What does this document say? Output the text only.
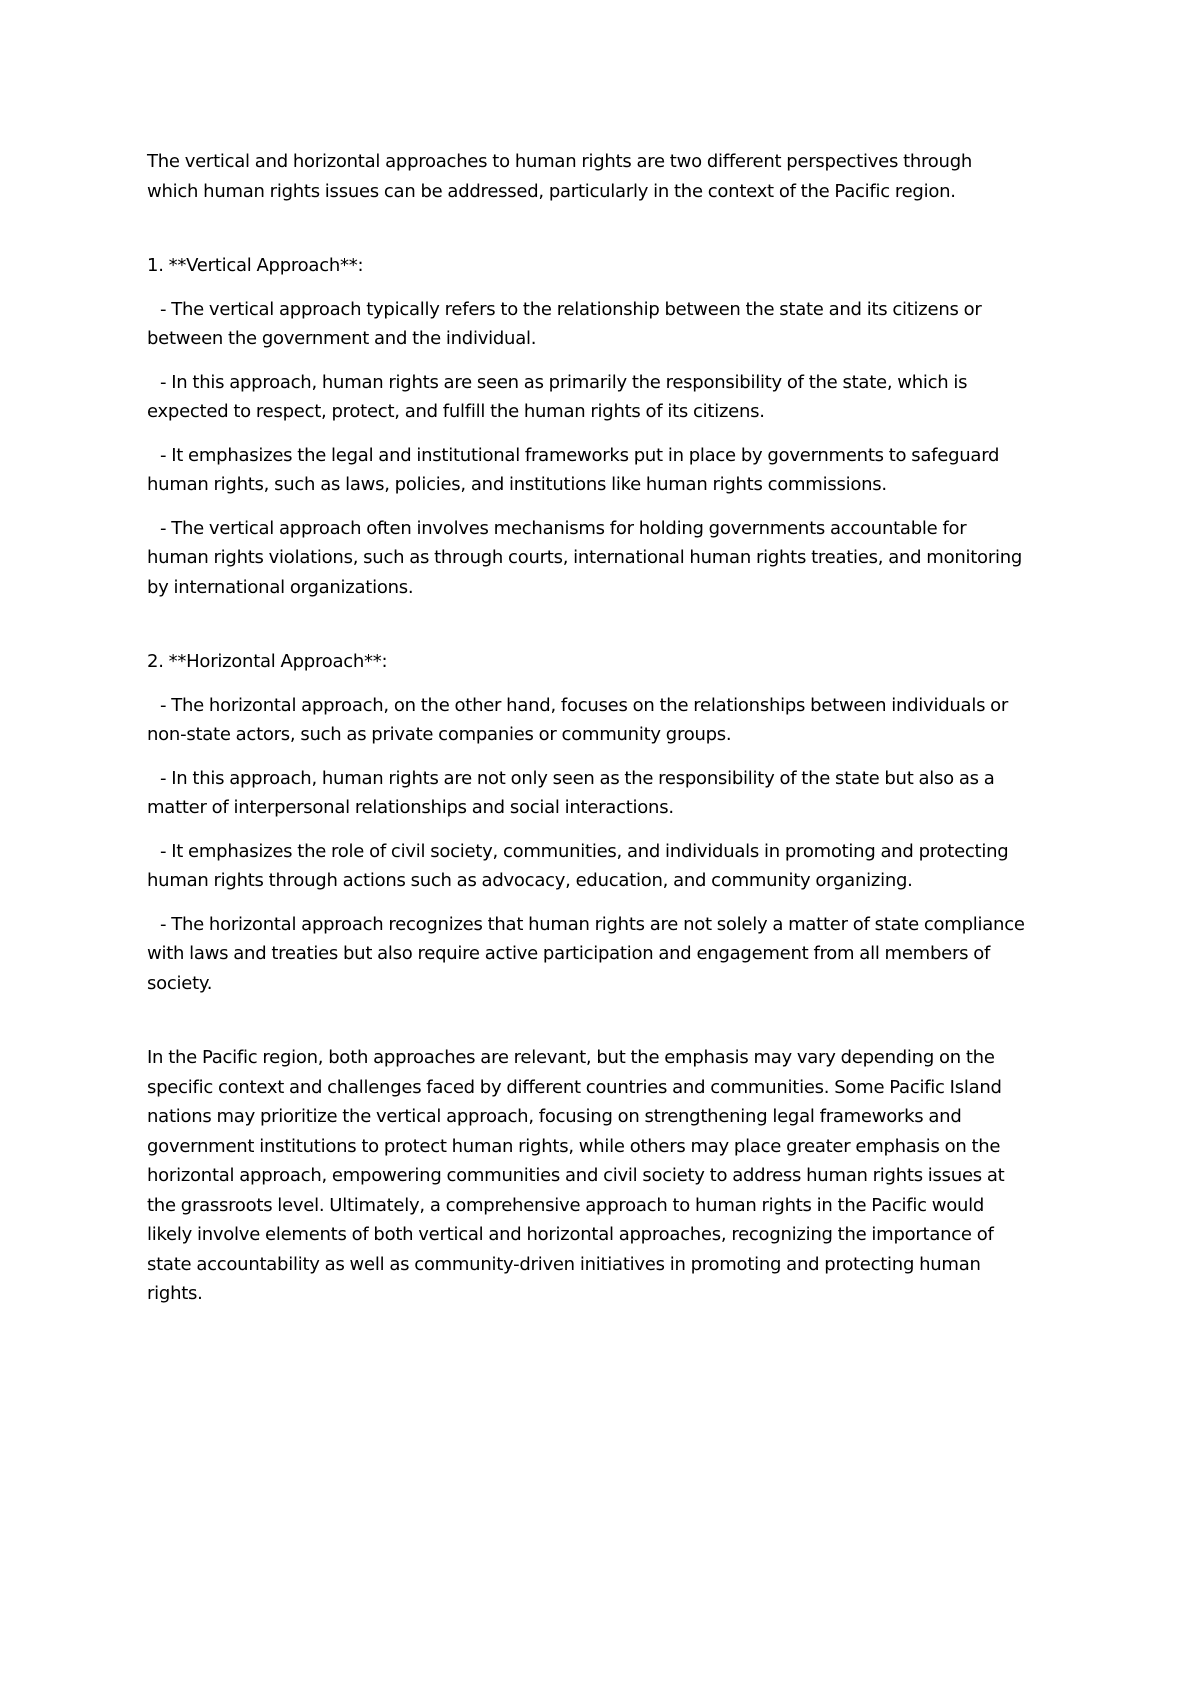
The vertical and horizontal approaches to human rights are two different perspectives through
which human rights issues can be addressed, particularly in the context of the Pacific region.

1. **Vertical Approach**:

- The vertical approach typically refers to the relationship between the state and its citizens or
between the government and the individual.

- In this approach, human rights are seen as primarily the responsibility of the state, which is
expected to respect, protect, and fulfill the human rights of its citizens.

- It emphasizes the legal and institutional frameworks put in place by governments to safeguard
human rights, such as laws, policies, and institutions like human rights commissions.

- The vertical approach often involves mechanisms for holding governments accountable for
human rights violations, such as through courts, international human rights treaties, and monitoring
by international organizations.

2. **Horizontal Approach**:

- The horizontal approach, on the other hand, focuses on the relationships between individuals or
non-state actors, such as private companies or community groups.

- In this approach, human rights are not only seen as the responsibility of the state but also as a
matter of interpersonal relationships and social interactions.

- It emphasizes the role of civil society, communities, and individuals in promoting and protecting
human rights through actions such as advocacy, education, and community organizing.

- The horizontal approach recognizes that human rights are not solely a matter of state compliance
with laws and treaties but also require active participation and engagement from all members of
society.

In the Pacific region, both approaches are relevant, but the emphasis may vary depending on the
specific context and challenges faced by different countries and communities. Some Pacific Island
nations may prioritize the vertical approach, focusing on strengthening legal frameworks and
government institutions to protect human rights, while others may place greater emphasis on the
horizontal approach, empowering communities and civil society to address human rights issues at
the grassroots level. Ultimately, a comprehensive approach to human rights in the Pacific would
likely involve elements of both vertical and horizontal approaches, recognizing the importance of
state accountability as well as community-driven initiatives in promoting and protecting human
rights.
